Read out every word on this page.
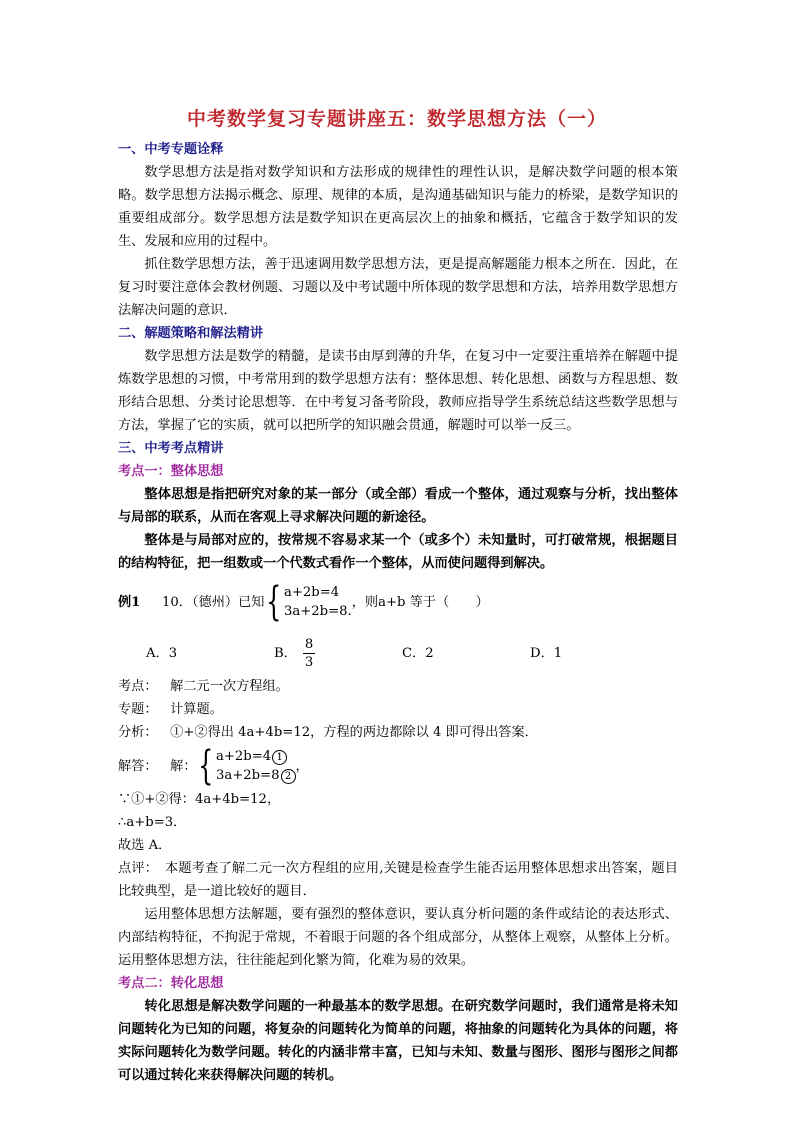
中考数学复习专题讲座五：数学思想方法（一）

一、中考专题诠释

数学思想方法是指对数学知识和方法形成的规律性的理性认识，是解决数学问题的根本策略。数学思想方法揭示概念、原理、规律的本质，是沟通基础知识与能力的桥梁，是数学知识的重要组成部分。数学思想方法是数学知识在更高层次上的抽象和概括，它蕴含于数学知识的发生、发展和应用的过程中。

抓住数学思想方法，善于迅速调用数学思想方法，更是提高解题能力根本之所在．因此，在复习时要注意体会教材例题、习题以及中考试题中所体现的数学思想和方法，培养用数学思想方法解决问题的意识．

二、解题策略和解法精讲

数学思想方法是数学的精髓，是读书由厚到薄的升华，在复习中一定要注重培养在解题中提炼数学思想的习惯，中考常用到的数学思想方法有：整体思想、转化思想、函数与方程思想、数形结合思想、分类讨论思想等．在中考复习备考阶段，教师应指导学生系统总结这些数学思想与方法，掌握了它的实质，就可以把所学的知识融会贯通，解题时可以举一反三。

三、中考考点精讲

考点一：整体思想

整体思想是指把研究对象的某一部分（或全部）看成一个整体，通过观察与分析，找出整体与局部的联系，从而在客观上寻求解决问题的新途径。

整体是与局部对应的，按常规不容易求某一个（或多个）未知量时，可打破常规，根据题目的结构特征，把一组数或一个代数式看作一个整体，从而使问题得到解决。

例1	10．（德州）已知 { a+2b=4
3a+2b=8.
，则a+b 等于（　　）
A．3	B． $\frac{8}{3}$	C．2	D．1

考点： 解二元一次方程组。

专题： 计算题。

分析： ①+②得出 4a+4b=12，方程的两边都除以 4 即可得出答案．

解答：
解： { a+2b=4 1
3a+2b=8 2
，

∵①+②得：4a+4b=12，

∴a+b=3．

故选 A．

点评：　本题考查了解二元一次方程组的应用,关键是检查学生能否运用整体思想求出答案，题目比较典型，是一道比较好的题目．

运用整体思想方法解题，要有强烈的整体意识，要认真分析问题的条件或结论的表达形式、内部结构特征，不拘泥于常规，不着眼于问题的各个组成部分，从整体上观察，从整体上分析。运用整体思想方法，往往能起到化繁为简，化难为易的效果。

考点二：转化思想

转化思想是解决数学问题的一种最基本的数学思想。在研究数学问题时，我们通常是将未知问题转化为已知的问题，将复杂的问题转化为简单的问题，将抽象的问题转化为具体的问题，将实际问题转化为数学问题。转化的内涵非常丰富，已知与未知、数量与图形、图形与图形之间都可以通过转化来获得解决问题的转机。
